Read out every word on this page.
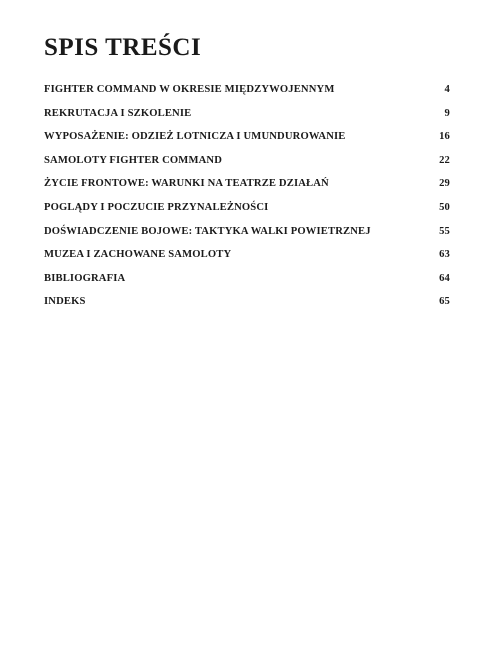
SPIS TREŚCI
FIGHTER COMMAND W OKRESIE MIĘDZYWOJENNYM	4
REKRUTACJA I SZKOLENIE	9
WYPOSAŻENIE: ODZIEŻ LOTNICZA I UMUNDUROWANIE	16
SAMOLOTY FIGHTER COMMAND	22
ŻYCIE FRONTOWE: WARUNKI NA TEATRZE DZIAŁAŃ	29
POGLĄDY I POCZUCIE PRZYNALEŻNOŚCI	50
DOŚWIADCZENIE BOJOWE: TAKTYKA WALKI POWIETRZNEJ	55
MUZEA I ZACHOWANE SAMOLOTY	63
BIBLIOGRAFIA	64
INDEKS	65
